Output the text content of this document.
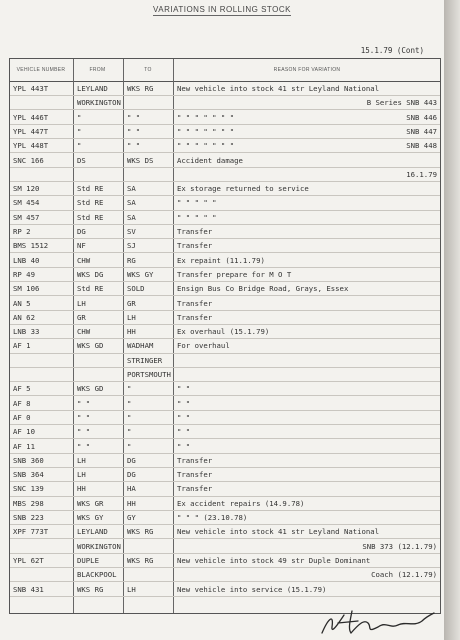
VARIATIONS IN ROLLING STOCK
15.1.79 (Cont)
VEHICLE NUMBER	FROM	TO	REASON FOR VARIATION
YPL 443T	LEYLAND	WKS RG	New vehicle into stock 41 str Leyland National
WORKINGTON	B Series SNB 443
YPL 446T	"	" "	" " " " " " "	SNB 446
YPL 447T	"	" "	" " " " " " "	SNB 447
YPL 448T	"	" "	" " " " " " "	SNB 448
SNC 166	DS	WKS DS	Accident damage
16.1.79
SM 120	Std RE	SA	Ex storage returned to service
SM 454	Std RE	SA	" " " " "
SM 457	Std RE	SA	" " " " "
RP 2	DG	SV	Transfer
BMS 1512	NF	SJ	Transfer
LNB 40	CHW	RG	Ex repaint (11.1.79)
RP 49	WKS DG	WKS GY	Transfer prepare for M O T
SM 106	Std RE	SOLD	Ensign Bus Co Bridge Road, Grays, Essex
AN 5	LH	GR	Transfer
AN 62	GR	LH	Transfer
LNB 33	CHW	HH	Ex overhaul (15.1.79)
AF 1	WKS GD	WADHAM	For overhaul
STRINGER
PORTSMOUTH
AF 5	WKS GD	"	" "
AF 8	" "	"	" "
AF 0	" "	"	" "
AF 10	" "	"	" "
AF 11	" "	"	" "
SNB 360	LH	DG	Transfer
SNB 364	LH	DG	Transfer
SNC 139	HH	HA	Transfer
MBS 298	WKS GR	HH	Ex accident repairs (14.9.78)
SNB 223	WKS GY	GY	" " " (23.10.78)
XPF 773T	LEYLAND	WKS RG	New vehicle into stock 41 str Leyland National
WORKINGTON	SNB 373 (12.1.79)
YPL 62T	DUPLE	WKS RG	New vehicle into stock 49 str Duple Dominant
BLACKPOOL	Coach (12.1.79)
SNB 431	WKS RG	LH	New vehicle into service (15.1.79)
